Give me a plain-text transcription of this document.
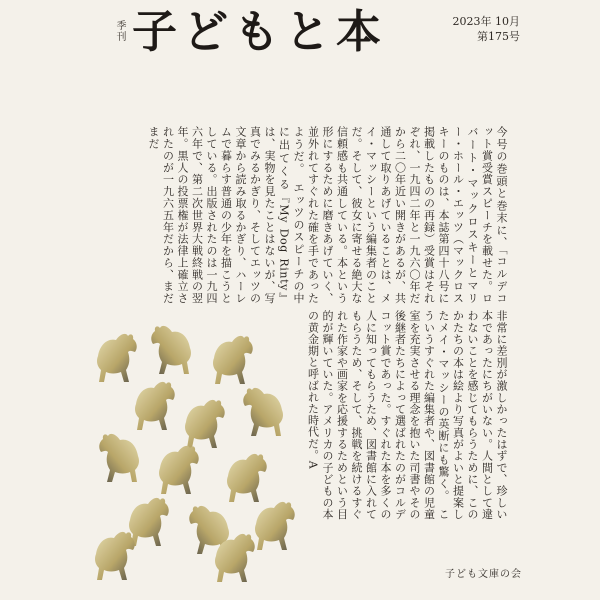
季刊 子どもと本	2023年 10月
第175号

今号の巻頭と巻末に、「コルデコット賞受賞スピーチを載せた。ロバート・マックロスキーとマリー・ホール・エッツ（マックロスキーのものは、本誌第四十八号に掲載したものの再録）受賞はそれぞれ、一九四二年と一九六〇年だから二〇年近い開きがあるが、共通して取りあげていることは、メイ・マッシーという編集者のことだ。そして、彼女に寄せる絶大な信頼感も共通している。本という形にするために磨きあげていく、並外れてすぐれた確を手であったようだ。　エッツのスピーチの中に出てくる『My Dog Rinty』は、実物を見たことはないが、写真でみるかぎり、そしてエッツの文章から読み取るかぎり、ハーレムで暮らす普通の少年を描こうとしている。出版されたのは一九四六年で、第二次世界大戦終戦の翌年。黒人の投票権が法律上確立されたのが一九六五年だから、まだまだ

非常に差別が激しかったはずで、珍しい本であったにちがいない。人間として違わないことを感じてもらうために、このかたちの本は絵より写真がよいと提案したメイ・マッシーの英断にも驚く。　こういうすぐれた編集者や、図書館の児童室を充実させる理念を抱いた司書やその後継者たちによって選ばれたのがコルデコット賞であった。すぐれた本を多くの人に知ってもらうため、図書館に入れてもらうため、そして、挑戦を続けるすぐれた作家や画家を応援するためという目的が輝いていた。アメリカの子どもの本の黄金期と呼ばれた時代だ。A

子ども文庫の会
